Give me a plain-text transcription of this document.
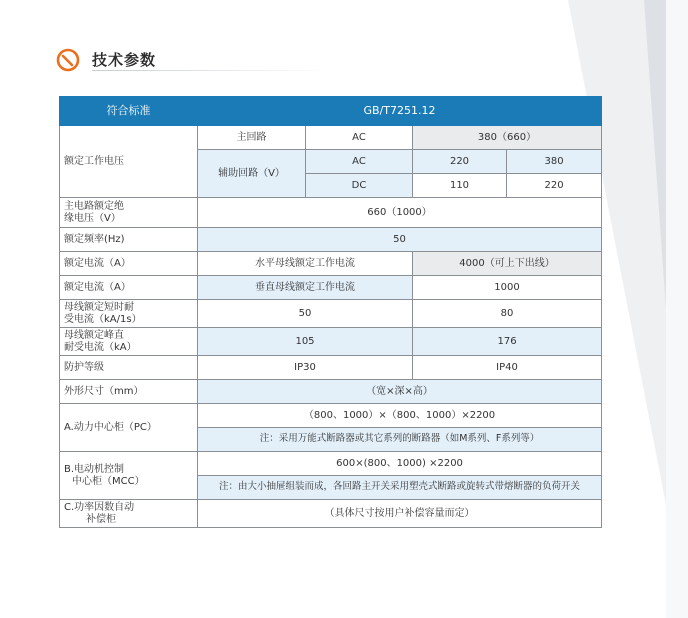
技术参数
符合标准	GB/T7251.12			
额定工作电压	主回路	AC	380（660）	
	辅助回路（V）	AC	220	380
		DC	110	220
主电路额定绝
缘电压（V）	660（1000）			
额定频率(Hz)	50			
额定电流（A）	水平母线额定工作电流		4000（可上下出线）	
额定电流（A）	垂直母线额定工作电流		1000	
母线额定短时耐
受电流（kA/1s）	50		80	
母线额定峰直
耐受电流（kA）	105		176	
防护等级	IP30		IP40	
外形尺寸（mm）	（宽×深×高）			
A.动力中心柜（PC）	（800、1000）×（800、1000）×2200			
	注：采用万能式断路器或其它系列的断路器（如M系列、F系列等）			
B.电动机控制
中心柜（MCC）	600×(800、1000) ×2200			
	注：由大小抽屉组装而成，各回路主开关采用塑壳式断路或旋转式带熔断器的负荷开关			
C.功率因数自动
补偿柜	（具体尺寸按用户补偿容量而定）			
